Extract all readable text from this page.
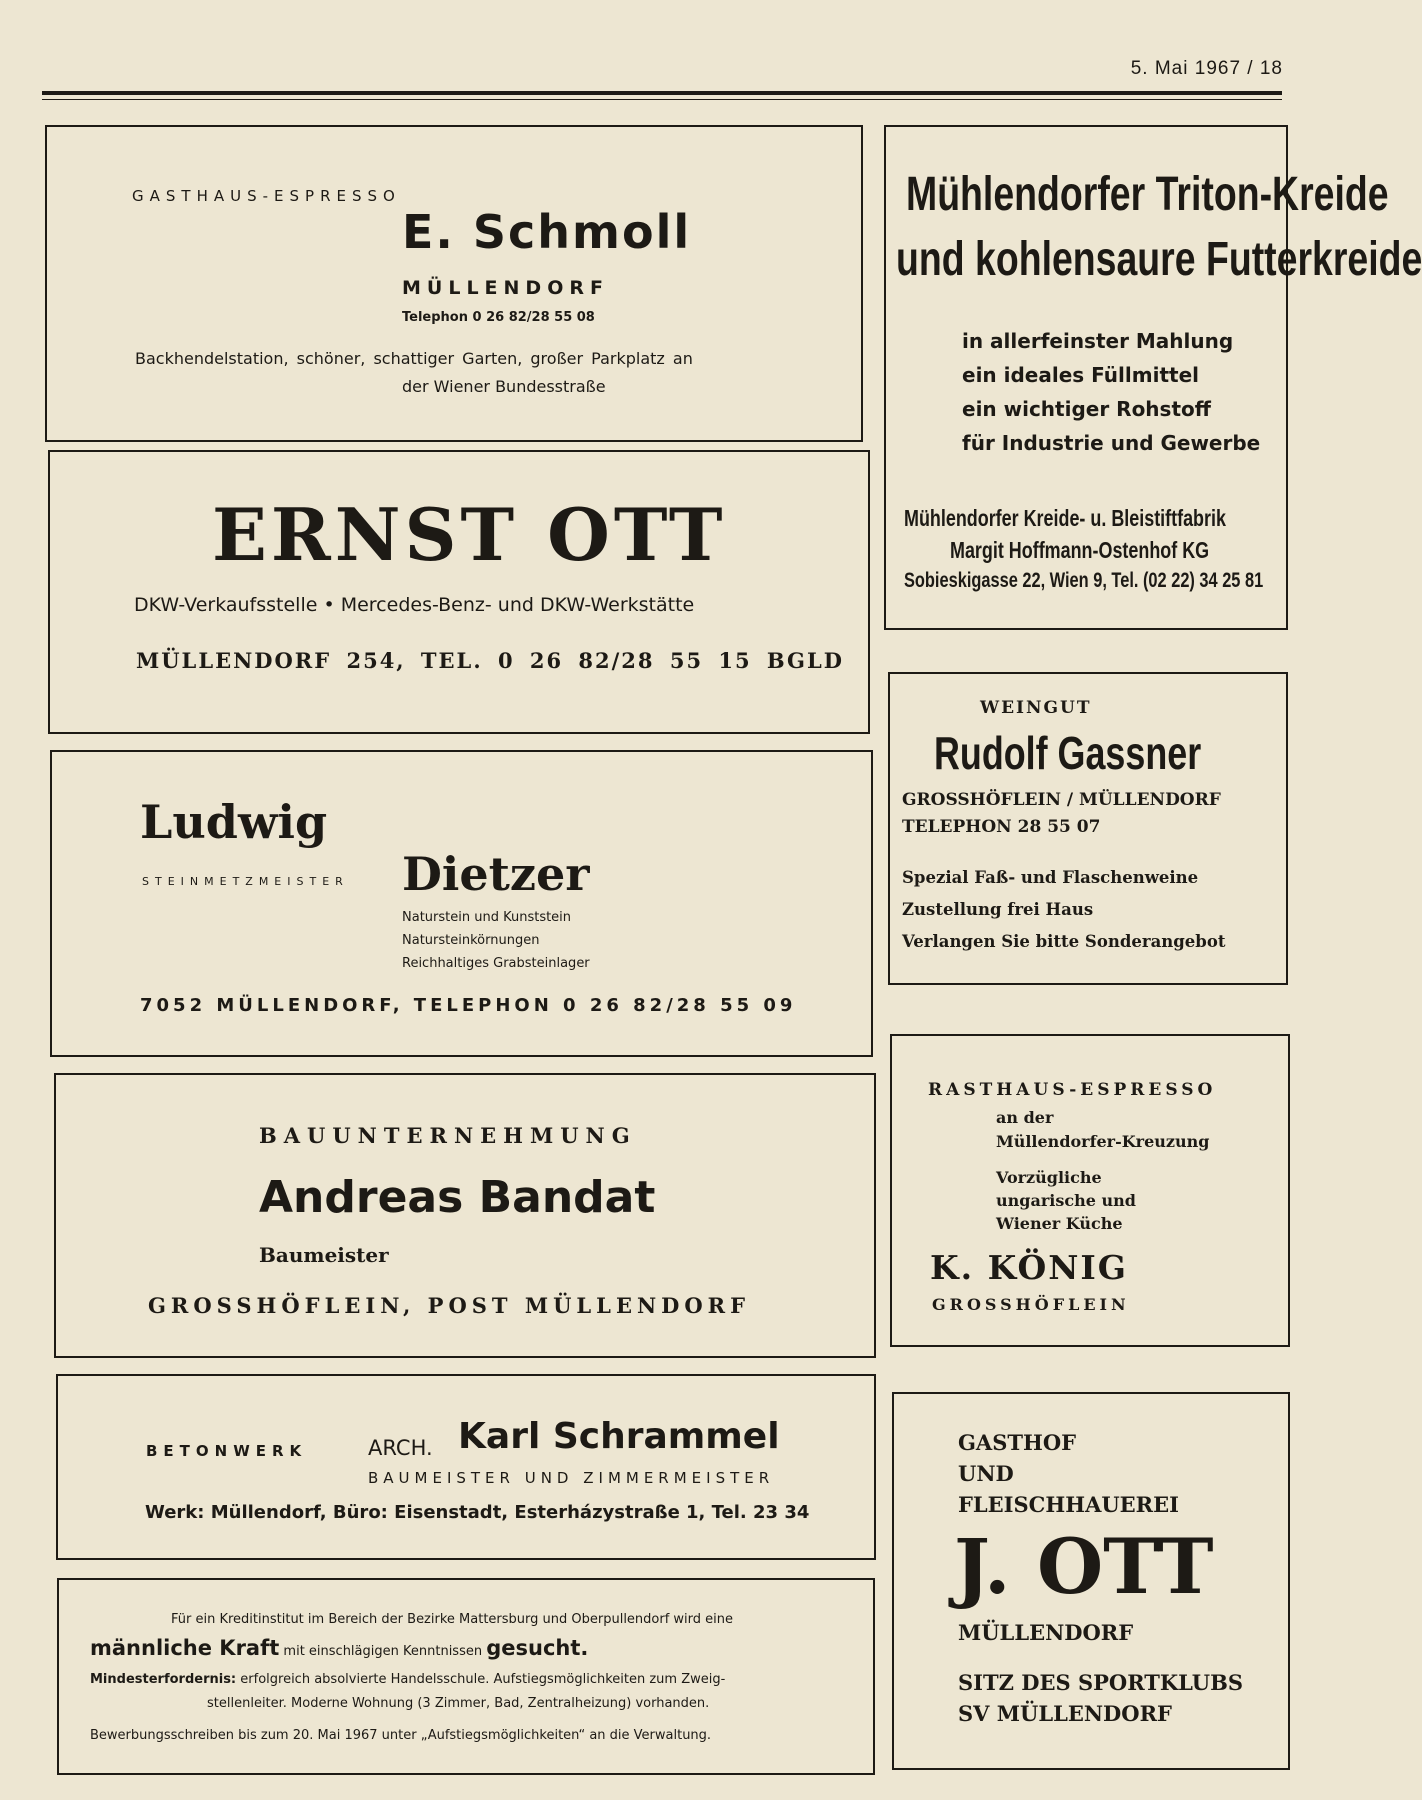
5. Mai 1967 / 18
GASTHAUS-ESPRESSO
E. Schmoll
MÜLLENDORF
Telephon 0 26 82/28 55 08
Backhendelstation, schöner, schattiger Garten, großer Parkplatz an
der Wiener Bundesstraße
ERNST OTT
DKW-Verkaufsstelle • Mercedes-Benz- und DKW-Werkstätte
MÜLLENDORF 254, TEL. 0 26 82/28 55 15 BGLD
Ludwig
STEINMETZMEISTER Dietzer
Naturstein und Kunststein
Natursteinkörnungen
Reichhaltiges Grabsteinlager
7052 MÜLLENDORF, TELEPHON 0 26 82/28 55 09
BAUUNTERNEHMUNG
Andreas Bandat
Baumeister
GROSSHÖFLEIN, POST MÜLLENDORF
BETONWERK	ARCH. Karl Schrammel
BAUMEISTER UND ZIMMERMEISTER
Werk: Müllendorf, Büro: Eisenstadt, Esterházystraße 1, Tel. 23 34
Für ein Kreditinstitut im Bereich der Bezirke Mattersburg und Oberpullendorf wird eine
männliche Kraft mit einschlägigen Kenntnissen gesucht.
Mindesterfordernis: erfolgreich absolvierte Handelsschule. Aufstiegsmöglichkeiten zum Zweig-
stellenleiter. Moderne Wohnung (3 Zimmer, Bad, Zentralheizung) vorhanden.
Bewerbungsschreiben bis zum 20. Mai 1967 unter „Aufstiegsmöglichkeiten“ an die Verwaltung.
Mühlendorfer Triton-Kreide
und kohlensaure Futterkreide
in allerfeinster Mahlung
ein ideales Füllmittel
ein wichtiger Rohstoff
für Industrie und Gewerbe
Mühlendorfer Kreide- u. Bleistiftfabrik
Margit Hoffmann-Ostenhof KG
Sobieskigasse 22, Wien 9, Tel. (02 22) 34 25 81
WEINGUT
Rudolf Gassner
GROSSHÖFLEIN / MÜLLENDORF
TELEPHON 28 55 07
Spezial Faß- und Flaschenweine
Zustellung frei Haus
Verlangen Sie bitte Sonderangebot
RASTHAUS-ESPRESSO
an der
Müllendorfer-Kreuzung
Vorzügliche
ungarische und
Wiener Küche
K. KÖNIG
GROSSHÖFLEIN
GASTHOF
UND
FLEISCHHAUEREI
J. OTT
MÜLLENDORF
SITZ DES SPORTKLUBS
SV MÜLLENDORF
